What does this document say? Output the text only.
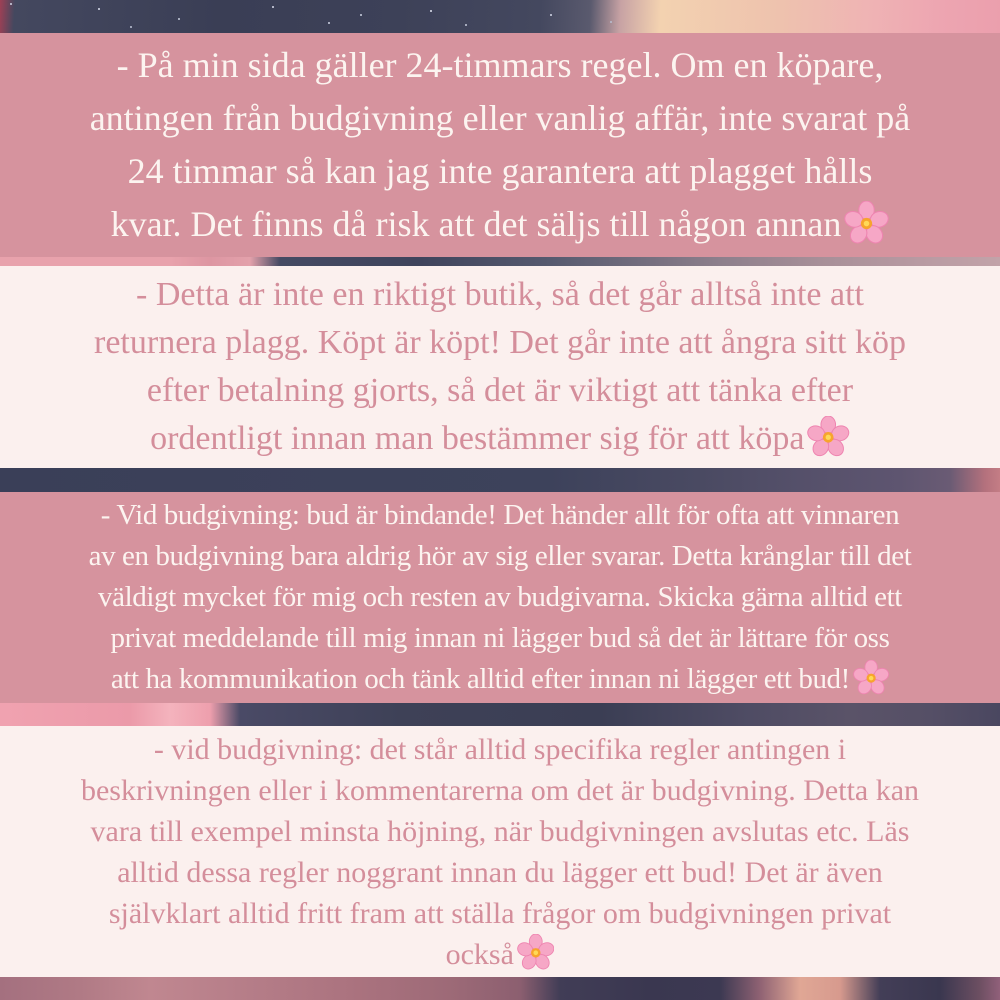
- På min sida gäller 24-timmars regel. Om en köpare,
antingen från budgivning eller vanlig affär, inte svarat på
24 timmar så kan jag inte garantera att plagget hålls
kvar. Det finns då risk att det säljs till någon annan
- Detta är inte en riktigt butik, så det går alltså inte att
returnera plagg. Köpt är köpt! Det går inte att ångra sitt köp
efter betalning gjorts, så det är viktigt att tänka efter
ordentligt innan man bestämmer sig för att köpa
- Vid budgivning: bud är bindande! Det händer allt för ofta att vinnaren
av en budgivning bara aldrig hör av sig eller svarar. Detta krånglar till det
väldigt mycket för mig och resten av budgivarna. Skicka gärna alltid ett
privat meddelande till mig innan ni lägger bud så det är lättare för oss
att ha kommunikation och tänk alltid efter innan ni lägger ett bud!
- vid budgivning: det står alltid specifika regler antingen i
beskrivningen eller i kommentarerna om det är budgivning. Detta kan
vara till exempel minsta höjning, när budgivningen avslutas etc. Läs
alltid dessa regler noggrant innan du lägger ett bud! Det är även
självklart alltid fritt fram att ställa frågor om budgivningen privat
också
